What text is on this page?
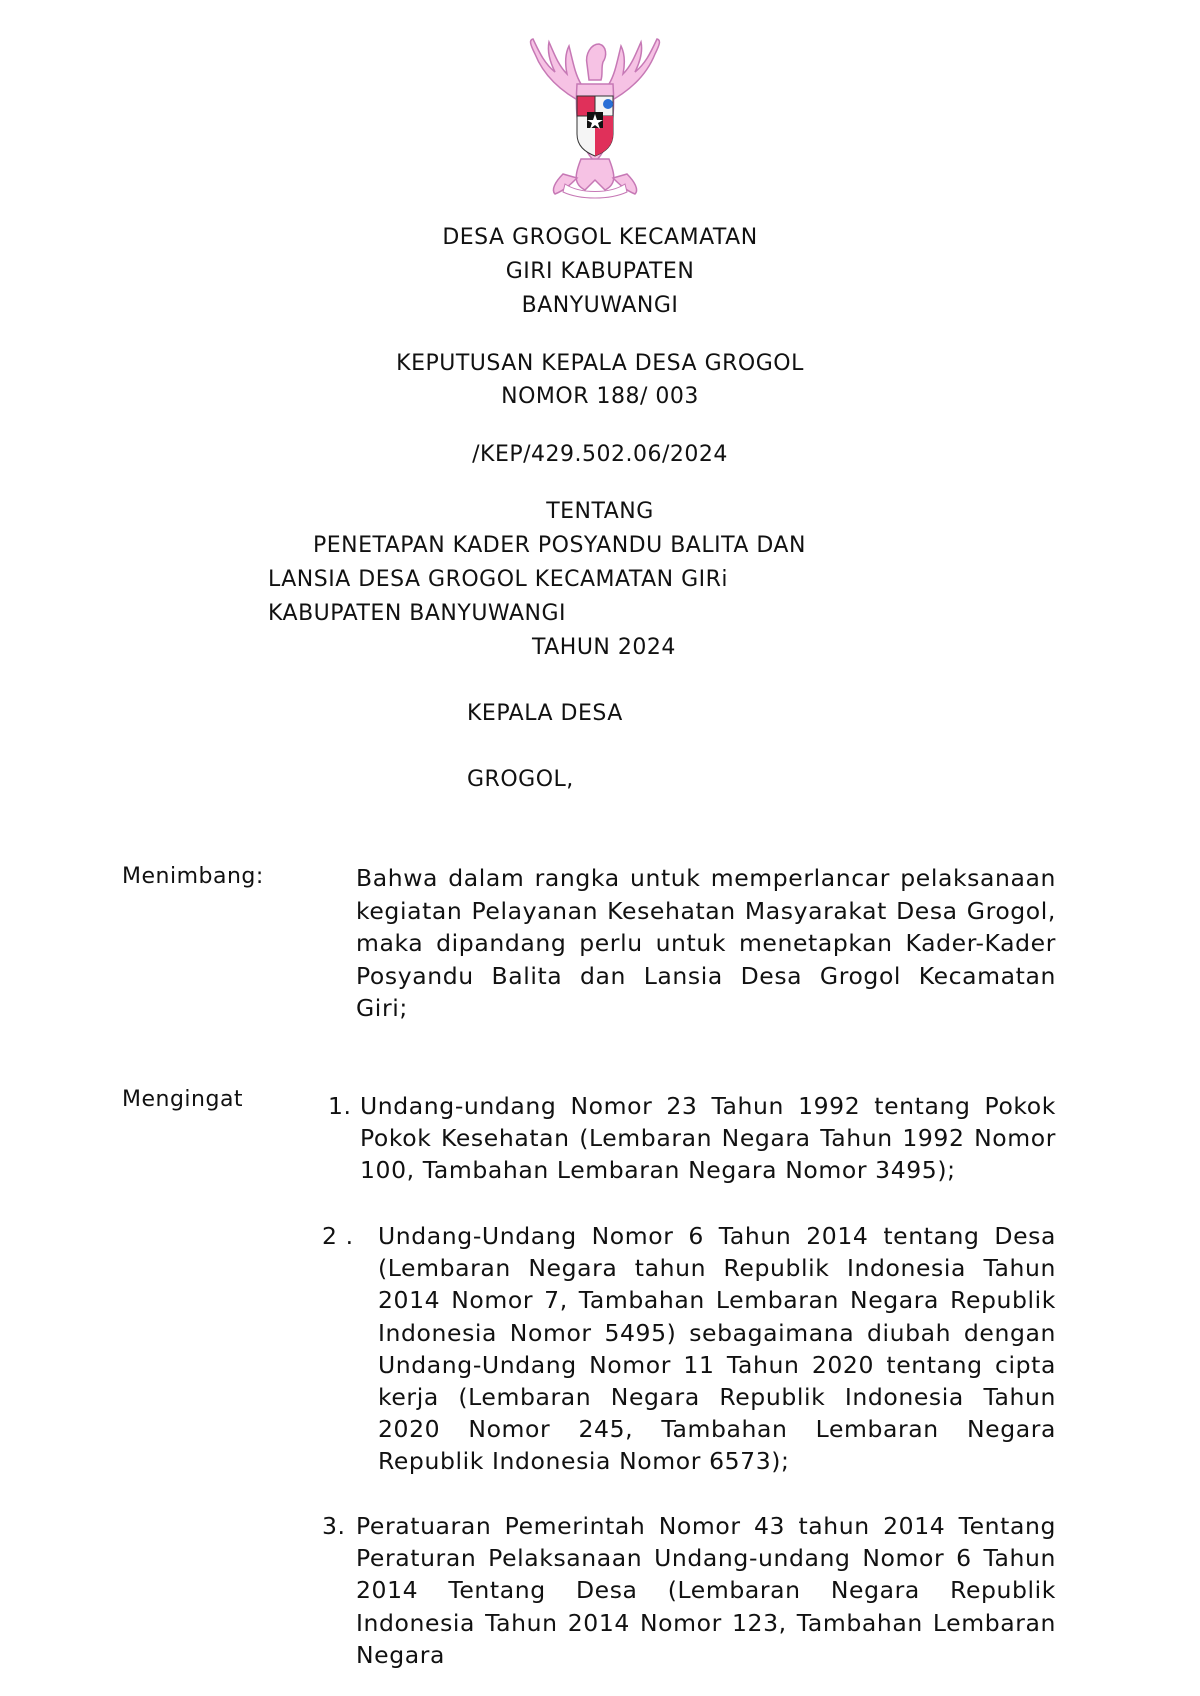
DESA GROGOL KECAMATAN
GIRI KABUPATEN
BANYUWANGI
KEPUTUSAN KEPALA DESA GROGOL
NOMOR 188/ 003
/KEP/429.502.06/2024
TENTANG
PENETAPAN KADER POSYANDU BALITA DAN
LANSIA DESA GROGOL KECAMATAN GIRi
KABUPATEN BANYUWANGI
TAHUN 2024
KEPALA DESA
GROGOL,
Menimbang:	Bahwa dalam rangka untuk memperlancar pelaksanaan kegiatan Pelayanan Kesehatan Masyarakat Desa Grogol, maka dipandang perlu untuk menetapkan Kader-Kader Posyandu Balita dan Lansia Desa Grogol Kecamatan Giri;
Mengingat	1. Undang-undang Nomor 23 Tahun 1992 tentang Pokok Pokok Kesehatan (Lembaran Negara Tahun 1992 Nomor 100, Tambahan Lembaran Negara Nomor 3495);
2 . Undang-Undang Nomor 6 Tahun 2014 tentang Desa (Lembaran Negara tahun Republik Indonesia Tahun 2014 Nomor 7, Tambahan Lembaran Negara Republik Indonesia Nomor 5495) sebagaimana diubah dengan Undang-Undang Nomor 11 Tahun 2020 tentang cipta kerja (Lembaran Negara Republik Indonesia Tahun 2020 Nomor 245, Tambahan Lembaran Negara Republik Indonesia Nomor 6573);
3. Peratuaran Pemerintah Nomor 43 tahun 2014 Tentang Peraturan Pelaksanaan Undang-undang Nomor 6 Tahun 2014 Tentang Desa (Lembaran Negara Republik Indonesia Tahun 2014 Nomor 123, Tambahan Lembaran Negara
